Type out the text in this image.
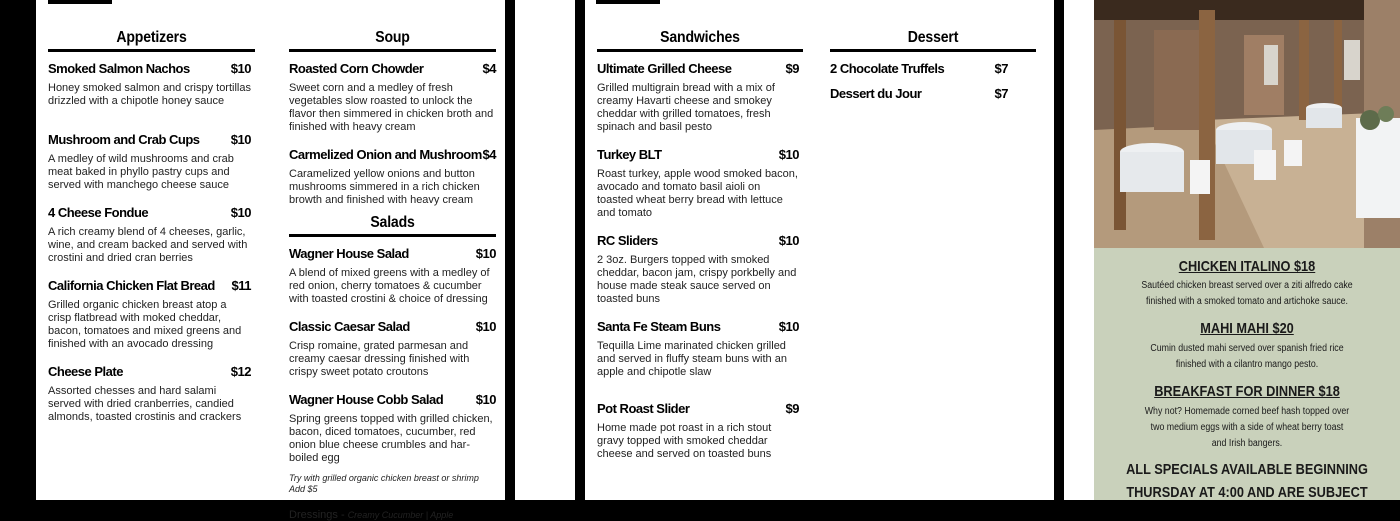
Appetizers
Smoked Salmon Nachos	$10
Honey smoked salmon and crispy tortillas drizzled with a chipotle honey sauce
Mushroom and Crab Cups $10
A medley of wild mushrooms and crab meat baked in phyllo pastry cups and served with manchego cheese sauce
4 Cheese Fondue	$10
A rich creamy blend of 4 cheeses, garlic, wine, and cream backed and served with crostini and dried cran berries
California Chicken Flat Bread $11
Grilled organic chicken breast atop a crisp flatbread with moked cheddar, bacon, tomatoes and mixed greens and finished with an avocado dressing
Cheese Plate	$12
Assorted chesses and hard salami served with dried cranberries, candied almonds, toasted crostinis and crackers
Soup
Roasted Corn Chowder	$4
Sweet corn and a medley of fresh vegetables slow roasted to unlock the flavor then simmered in chicken broth and finished with heavy cream
Carmelized Onion and Mushroom $4
Caramelized yellow onions and button mushrooms simmered in a rich chicken browth and finished with heavy cream
Salads
Wagner House Salad	$10
A blend of mixed greens with a medley of red onion, cherry tomatoes & cucumber with toasted crostini & choice of dressing
Classic Caesar Salad	$10
Crisp romaine, grated parmesan and creamy caesar dressing finished with crispy sweet potato croutons
Wagner House Cobb Salad	$10
Spring greens topped with grilled chicken, bacon, diced tomatoes, cucumber, red onion blue cheese crumbles and har-boiled egg
Try with grilled organic chicken breast or shrimp Add $5
Dressings - Creamy Cucumber | Apple
Sandwiches
Ultimate Grilled Cheese	$9
Grilled multigrain bread with a mix of creamy Havarti cheese and smokey cheddar with grilled tomatoes, fresh spinach and basil pesto
Turkey BLT	$10
Roast turkey, apple wood smoked bacon, avocado and tomato basil aioli on toasted wheat berry bread with lettuce and tomato
RC Sliders	$10
2 3oz. Burgers topped with smoked cheddar, bacon jam, crispy porkbelly and house made steak sauce served on toasted buns
Santa Fe Steam Buns	$10
Tequilla Lime marinated chicken grilled and served in fluffy steam buns with an apple and chipotle slaw
Pot Roast Slider	$9
Home made pot roast in a rich stout gravy topped with smoked cheddar cheese and served on toasted buns
Dessert
2 Chocolate Truffels	$7
Dessert du Jour	$7
CHICKEN ITALINO $18
Sautéed chicken breast served over a ziti alfredo cake finished with a smoked tomato and artichoke sauce.
MAHI MAHI $20
Cumin dusted mahi served over spanish fried rice finished with a cilantro mango pesto.
BREAKFAST FOR DINNER $18
Why not? Homemade corned beef hash topped over two medium eggs with a side of wheat berry toast and Irish bangers.
ALL SPECIALS AVAILABLE BEGINNING
THURSDAY AT 4:00 AND ARE SUBJECT
